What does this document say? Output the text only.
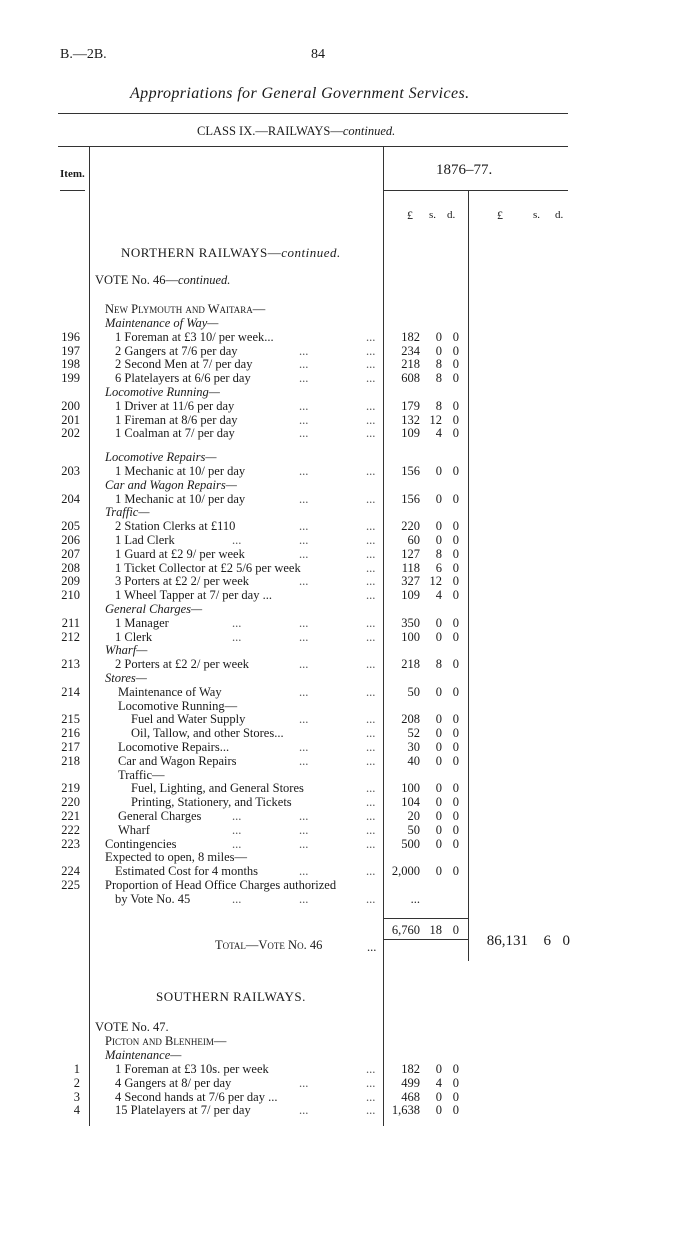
B.—2B.	84
Appropriations for General Government Services.
CLASS IX.—RAILWAYS—continued.
Item.	1876–77.
£ s. d.	£	s. d.
NORTHERN RAILWAYS—continued.
VOTE No. 46—continued.
New Plymouth and Waitara—
Maintenance of Way—
196	1 Foreman at £3 10/ per week...	...	182	0 0
197	2 Gangers at 7/6 per day	...	...	234	0 0
198	2 Second Men at 7/ per day	...	...	218	8 0
199	6 Platelayers at 6/6 per day	...	...	608	8 0
Locomotive Running—
200	1 Driver at 11/6 per day	...	...	179	8 0
201	1 Fireman at 8/6 per day	...	...	132 12 0
202	1 Coalman at 7/ per day	...	...	109	4 0
Locomotive Repairs—
203	1 Mechanic at 10/ per day	...	...	156	0 0
Car and Wagon Repairs—
204	1 Mechanic at 10/ per day	...	...	156	0 0
Traffic—
205	2 Station Clerks at £110	...	...	220	0 0
206	1 Lad Clerk	...	...	...	60	0 0
207	1 Guard at £2 9/ per week	...	...	127	8 0
208	1 Ticket Collector at £2 5/6 per week	...	118	6 0
209	3 Porters at £2 2/ per week	...	...	327 12 0
210	1 Wheel Tapper at 7/ per day ...	...	109	4 0
General Charges—
211	1 Manager	...	...	...	350	0 0
212	1 Clerk	...	...	...	100	0 0
Wharf—
213	2 Porters at £2 2/ per week	...	...	218	8 0
Stores—
214	Maintenance of Way	...	...	50	0 0
Locomotive Running—
215	Fuel and Water Supply	...	...	208	0 0
216	Oil, Tallow, and other Stores...	...	52	0 0
217	Locomotive Repairs...	...	...	30	0 0
218	Car and Wagon Repairs	...	...	40	0 0
Traffic—
219	Fuel, Lighting, and General Stores	...	100	0 0
220	Printing, Stationery, and Tickets	...	104	0 0
221	General Charges ...	...	...	20	0 0
222	Wharf	...	...	...	50	0 0
223 Contingencies	...	...	...	500	0 0
Expected to open, 8 miles—
224	Estimated Cost for 4 months	...	...	2,000	0 0
225 Proportion of Head Office Charges authorized
by Vote No. 45	...	...	...	...
6,760 18 0
Total—Vote No. 46	...	86,131	6 0
SOUTHERN RAILWAYS.
VOTE No. 47.
Picton and Blenheim—
Maintenance—
1	1 Foreman at £3 10s. per week	...	182	0 0
2	4 Gangers at 8/ per day	...	...	499	4 0
3	4 Second hands at 7/6 per day ...	...	468	0 0
4	15 Platelayers at 7/ per day	...	...	1,638	0 0
